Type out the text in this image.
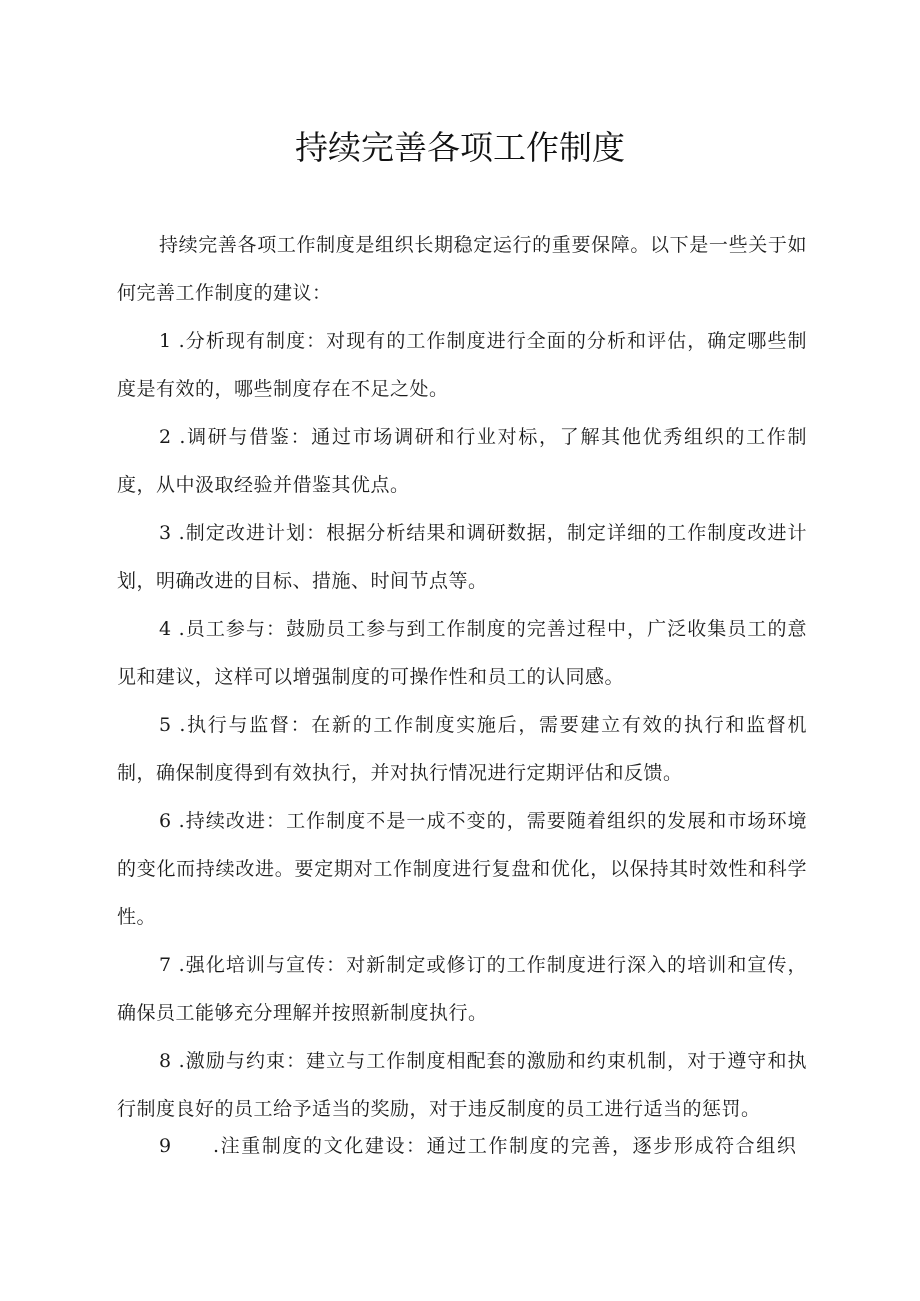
持续完善各项工作制度

持续完善各项工作制度是组织长期稳定运行的重要保障。以下是一些关于如何完善工作制度的建议：

1 .分析现有制度：对现有的工作制度进行全面的分析和评估，确定哪些制度是有效的，哪些制度存在不足之处。

2 .调研与借鉴：通过市场调研和行业对标，了解其他优秀组织的工作制度，从中汲取经验并借鉴其优点。

3 .制定改进计划：根据分析结果和调研数据，制定详细的工作制度改进计划，明确改进的目标、措施、时间节点等。

4 .员工参与：鼓励员工参与到工作制度的完善过程中，广泛收集员工的意见和建议，这样可以增强制度的可操作性和员工的认同感。

5 .执行与监督：在新的工作制度实施后，需要建立有效的执行和监督机制，确保制度得到有效执行，并对执行情况进行定期评估和反馈。

6 .持续改进：工作制度不是一成不变的，需要随着组织的发展和市场环境的变化而持续改进。要定期对工作制度进行复盘和优化，以保持其时效性和科学性。

7 .强化培训与宣传：对新制定或修订的工作制度进行深入的培训和宣传，确保员工能够充分理解并按照新制度执行。

8 .激励与约束：建立与工作制度相配套的激励和约束机制，对于遵守和执行制度良好的员工给予适当的奖励，对于违反制度的员工进行适当的惩罚。

9 .注重制度的文化建设：通过工作制度的完善，逐步形成符合组织
